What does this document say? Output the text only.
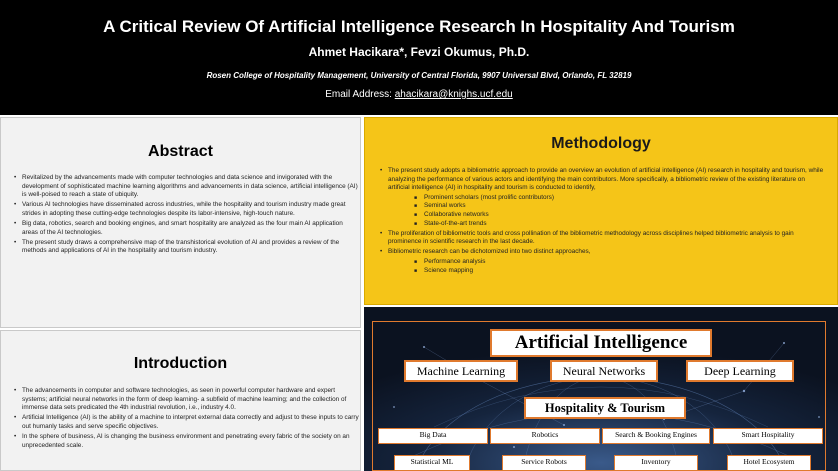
A Critical Review Of Artificial Intelligence Research In Hospitality And Tourism
Ahmet Hacikara*, Fevzi Okumus, Ph.D.
Rosen College of Hospitality Management, University of Central Florida, 9907 Universal Blvd, Orlando, FL 32819
Email Address: ahacikara@knighs.ucf.edu
Abstract
• Revitalized by the advancements made with computer technologies and data science and invigorated with the development of sophisticated machine learning algorithms and advancements in data science, artificial intelligence (AI) is well-poised to reach a state of ubiquity.
• Various AI technologies have disseminated across industries, while the hospitality and tourism industry made great strides in adopting these cutting-edge technologies despite its labor-intensive, high-touch nature.
• Big data, robotics, search and booking engines, and smart hospitality are analyzed as the four main AI application areas of the AI technologies.
• The present study draws a comprehensive map of the transhistorical evolution of AI and provides a review of the methods and applications of AI in the hospitality and tourism industry.
Introduction
• The advancements in computer and software technologies, as seen in powerful computer hardware and expert systems; artificial neural networks in the form of deep learning- a subfield of machine learning; and the collection of immense data sets predicated the 4th industrial revolution, i.e., industry 4.0.
• Artificial Intelligence (AI) is the ability of a machine to interpret external data correctly and adjust to these inputs to carry out humanly tasks and serve specific objectives.
• In the sphere of business, AI is changing the business environment and penetrating every fabric of the society on an unprecedented scale.
Methodology
• The present study adopts a bibliometric approach to provide an overview an evolution of artificial intelligence (AI) research in hospitality and tourism, while analyzing the performance of various actors and identifying the main contributors. More specifically, a bibliometric review of the existing literature on artificial intelligence (AI) in hospitality and tourism is conducted to identify,
■ Prominent scholars (most prolific contributors)
■ Seminal works
■ Collaborative networks
■ State-of-the-art trends
• The proliferation of bibliometric tools and cross pollination of the bibliometric methodology across disciplines helped bibliometric analysis to gain prominence in scientific research in the last decade.
• Bibliometric research can be dichotomized into two distinct approaches,
■ Performance analysis
■ Science mapping
Artificial Intelligence
Machine Learning	Neural Networks	Deep Learning
Hospitality & Tourism
Big Data	Robotics	Search & Booking Engines	Smart Hospitality
Statistical ML	Service Robots	Inventory	Hotel Ecosystem
